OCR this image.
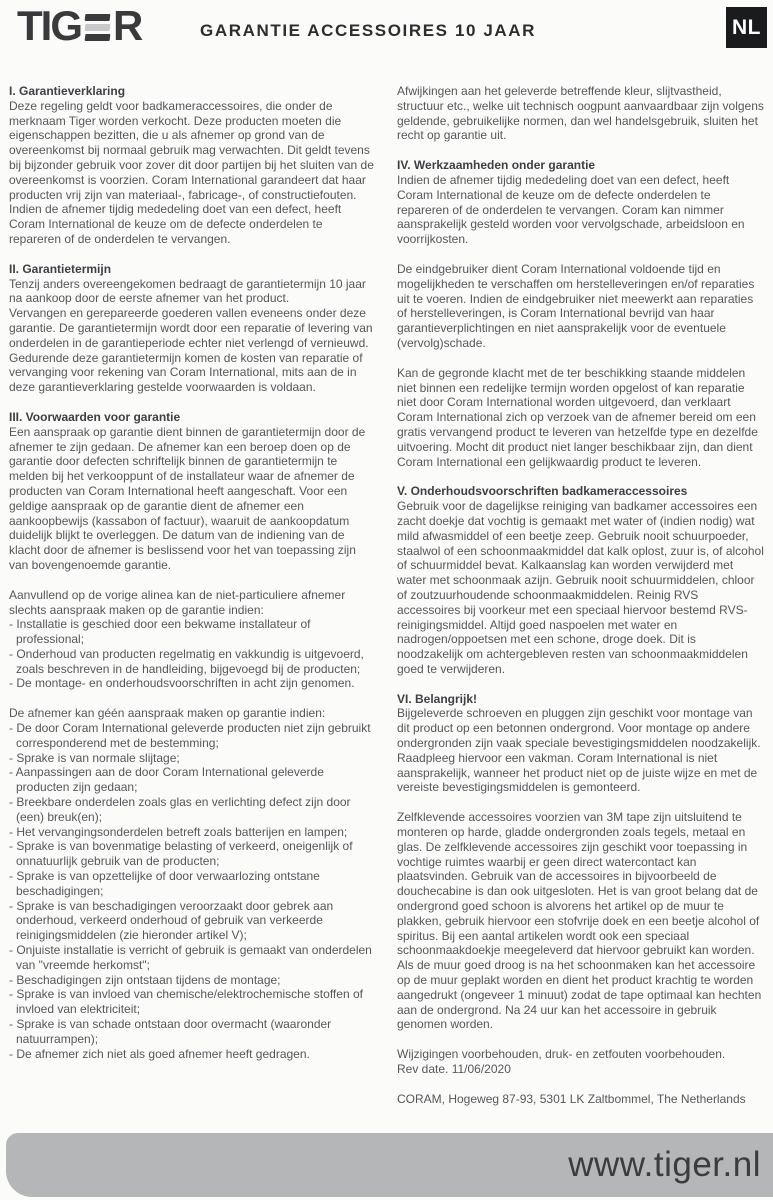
TIG R	GARANTIE ACCESSOIRES 10 JAAR	NL
I. Garantieverklaring

Deze regeling geldt voor badkameraccessoires, die onder de merknaam Tiger worden verkocht. Deze producten moeten die eigenschappen bezitten, die u als afnemer op grond van de overeenkomst bij normaal gebruik mag verwachten. Dit geldt tevens bij bijzonder gebruik voor zover dit door partijen bij het sluiten van de overeenkomst is voorzien. Coram International garandeert dat haar producten vrij zijn van materiaal-, fabricage-, of constructiefouten. Indien de afnemer tijdig mededeling doet van een defect, heeft Coram International de keuze om de defecte onderdelen te repareren of de onderdelen te vervangen.

II. Garantietermijn

Tenzij anders overeengekomen bedraagt de garantietermijn 10 jaar na aankoop door de eerste afnemer van het product.

Vervangen en gerepareerde goederen vallen eveneens onder deze garantie. De garantietermijn wordt door een reparatie of levering van onderdelen in de garantieperiode echter niet verlengd of vernieuwd.

Gedurende deze garantietermijn komen de kosten van reparatie of vervanging voor rekening van Coram International, mits aan de in deze garantieverklaring gestelde voorwaarden is voldaan.

III. Voorwaarden voor garantie

Een aanspraak op garantie dient binnen de garantietermijn door de afnemer te zijn gedaan. De afnemer kan een beroep doen op de garantie door defecten schriftelijk binnen de garantietermijn te melden bij het verkooppunt of de installateur waar de afnemer de producten van Coram International heeft aangeschaft. Voor een geldige aanspraak op de garantie dient de afnemer een aankoopbewijs (kassabon of factuur), waaruit de aankoopdatum duidelijk blijkt te overleggen. De datum van de indiening van de klacht door de afnemer is beslissend voor het van toepassing zijn van bovengenoemde garantie.

Aanvullend op de vorige alinea kan de niet-particuliere afnemer slechts aanspraak maken op de garantie indien:

- Installatie is geschied door een bekwame installateur of professional;

- Onderhoud van producten regelmatig en vakkundig is uitgevoerd, zoals beschreven in de handleiding, bijgevoegd bij de producten;

- De montage- en onderhoudsvoorschriften in acht zijn genomen.

De afnemer kan géén aanspraak maken op garantie indien:

- De door Coram International geleverde producten niet zijn gebruikt corresponderend met de bestemming;

- Sprake is van normale slijtage;

- Aanpassingen aan de door Coram International geleverde producten zijn gedaan;

- Breekbare onderdelen zoals glas en verlichting defect zijn door (een) breuk(en);

- Het vervangingsonderdelen betreft zoals batterijen en lampen;

- Sprake is van bovenmatige belasting of verkeerd, oneigenlijk of onnatuurlijk gebruik van de producten;

- Sprake is van opzettelijke of door verwaarlozing ontstane beschadigingen;

- Sprake is van beschadigingen veroorzaakt door gebrek aan onderhoud, verkeerd onderhoud of gebruik van verkeerde reinigingsmiddelen (zie hieronder artikel V);

- Onjuiste installatie is verricht of gebruik is gemaakt van onderdelen van "vreemde herkomst";

- Beschadigingen zijn ontstaan tijdens de montage;

- Sprake is van invloed van chemische/elektrochemische stoffen of invloed van elektriciteit;

- Sprake is van schade ontstaan door overmacht (waaronder natuurrampen);

- De afnemer zich niet als goed afnemer heeft gedragen.

Afwijkingen aan het geleverde betreffende kleur, slijtvastheid, structuur etc., welke uit technisch oogpunt aanvaardbaar zijn volgens geldende, gebruikelijke normen, dan wel handelsgebruik, sluiten het recht op garantie uit.

IV. Werkzaamheden onder garantie

Indien de afnemer tijdig mededeling doet van een defect, heeft Coram International de keuze om de defecte onderdelen te repareren of de onderdelen te vervangen. Coram kan nimmer aansprakelijk gesteld worden voor vervolgschade, arbeidsloon en voorrijkosten.

De eindgebruiker dient Coram International voldoende tijd en mogelijkheden te verschaffen om herstelleveringen en/of reparaties uit te voeren. Indien de eindgebruiker niet meewerkt aan reparaties of herstelleveringen, is Coram International bevrijd van haar garantieverplichtingen en niet aansprakelijk voor de eventuele (vervolg)schade.

Kan de gegronde klacht met de ter beschikking staande middelen niet binnen een redelijke termijn worden opgelost of kan reparatie niet door Coram International worden uitgevoerd, dan verklaart Coram International zich op verzoek van de afnemer bereid om een gratis vervangend product te leveren van hetzelfde type en dezelfde uitvoering. Mocht dit product niet langer beschikbaar zijn, dan dient Coram International een gelijkwaardig product te leveren.

V. Onderhoudsvoorschriften badkameraccessoires

Gebruik voor de dagelijkse reiniging van badkamer accessoires een zacht doekje dat vochtig is gemaakt met water of (indien nodig) wat mild afwasmiddel of een beetje zeep. Gebruik nooit schuurpoeder, staalwol of een schoonmaakmiddel dat kalk oplost, zuur is, of alcohol of schuurmiddel bevat. Kalkaanslag kan worden verwijderd met water met schoonmaak azijn. Gebruik nooit schuurmiddelen, chloor of zoutzuurhoudende schoonmaakmiddelen. Reinig RVS accessoires bij voorkeur met een speciaal hiervoor bestemd RVS-reinigingsmiddel. Altijd goed naspoelen met water en nadrogen/oppoetsen met een schone, droge doek. Dit is noodzakelijk om achtergebleven resten van schoonmaakmiddelen goed te verwijderen.

VI. Belangrijk!

Bijgeleverde schroeven en pluggen zijn geschikt voor montage van dit product op een betonnen ondergrond. Voor montage op andere ondergronden zijn vaak speciale bevestigingsmiddelen noodzakelijk. Raadpleeg hiervoor een vakman. Coram International is niet aansprakelijk, wanneer het product niet op de juiste wijze en met de vereiste bevestigingsmiddelen is gemonteerd.

Zelfklevende accessoires voorzien van 3M tape zijn uitsluitend te monteren op harde, gladde ondergronden zoals tegels, metaal en glas. De zelfklevende accessoires zijn geschikt voor toepassing in vochtige ruimtes waarbij er geen direct watercontact kan plaatsvinden. Gebruik van de accessoires in bijvoorbeeld de douchecabine is dan ook uitgesloten. Het is van groot belang dat de ondergrond goed schoon is alvorens het artikel op de muur te plakken, gebruik hiervoor een stofvrije doek en een beetje alcohol of spiritus. Bij een aantal artikelen wordt ook een speciaal schoonmaakdoekje meegeleverd dat hiervoor gebruikt kan worden. Als de muur goed droog is na het schoonmaken kan het accessoire op de muur geplakt worden en dient het product krachtig te worden aangedrukt (ongeveer 1 minuut) zodat de tape optimaal kan hechten aan de ondergrond. Na 24 uur kan het accessoire in gebruik genomen worden.

Wijzigingen voorbehouden, druk- en zetfouten voorbehouden.

Rev date. 11/06/2020

CORAM, Hogeweg 87-93, 5301 LK Zaltbommel, The Netherlands

www.tiger.nl
